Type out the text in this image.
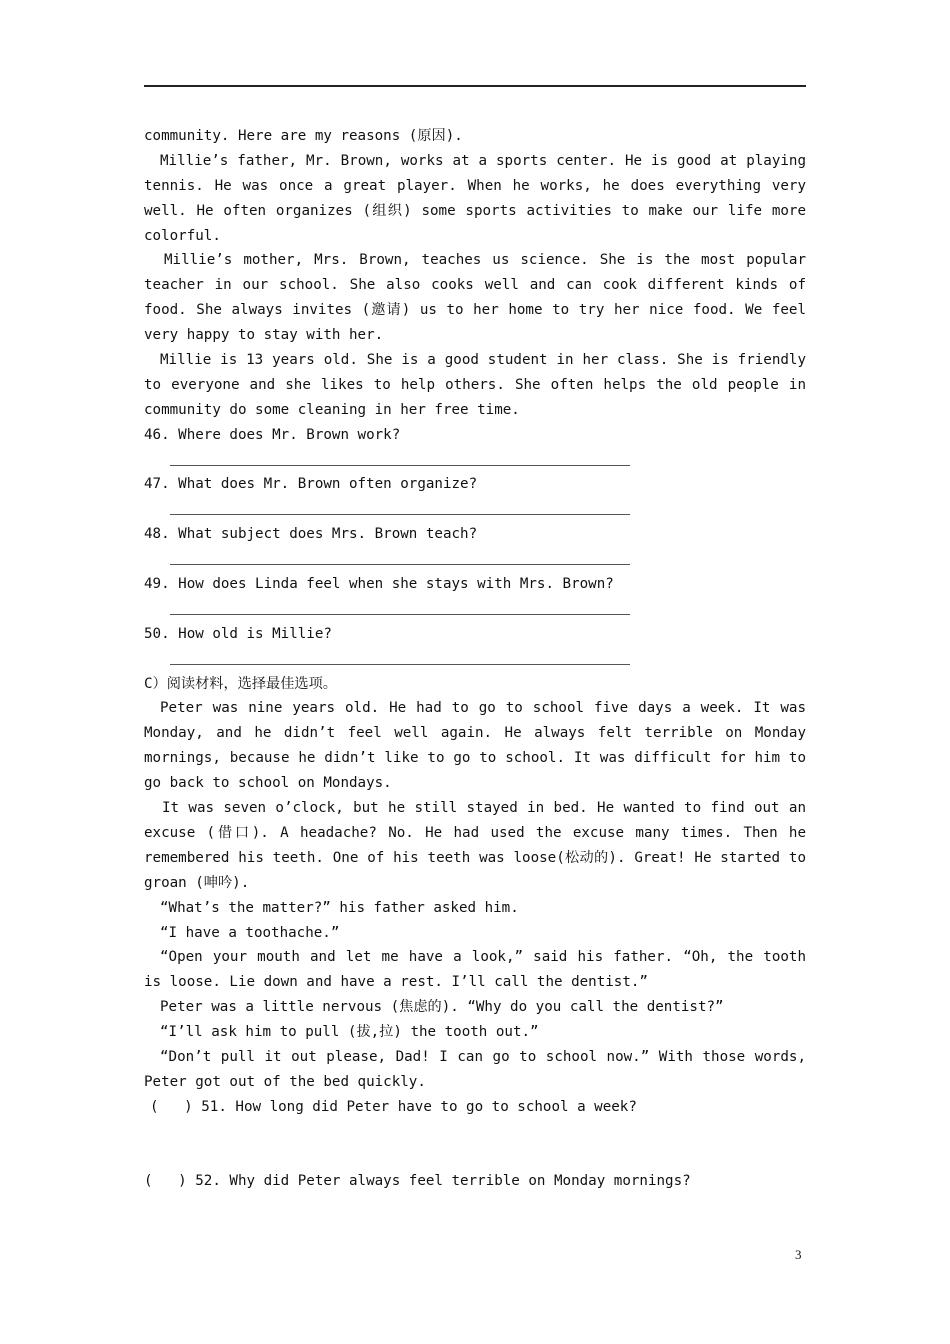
community. Here are my reasons (原因).
Millie’s father, Mr. Brown, works at a sports center. He is good at playing
tennis. He was once a great player. When he works, he does everything very
well. He often organizes (组织) some sports activities to make our life more
colorful.
Millie’s mother, Mrs. Brown, teaches us science. She is the most popular
teacher in our school. She also cooks well and can cook different kinds of
food. She always invites (邀请) us to her home to try her nice food. We feel
very happy to stay with her.
Millie is 13 years old. She is a good student in her class. She is friendly
to everyone and she likes to help others. She often helps the old people in
community do some cleaning in her free time.
46. Where does Mr. Brown work?
47. What does Mr. Brown often organize?
48. What subject does Mrs. Brown teach?
49. How does Linda feel when she stays with Mrs. Brown?
50. How old is Millie?
C）阅读材料，选择最佳选项。
Peter was nine years old. He had to go to school five days a week. It was
Monday, and he didn’t feel well again. He always felt terrible on Monday
mornings, because he didn’t like to go to school. It was difficult for him to
go back to school on Mondays.
It was seven o’clock, but he still stayed in bed. He wanted to find out an
excuse (借口). A headache? No. He had used the excuse many times. Then he
remembered his teeth. One of his teeth was loose(松动的). Great! He started to
groan (呻吟).
“What’s the matter?” his father asked him.
“I have a toothache.”
“Open your mouth and let me have a look,” said his father. “Oh, the tooth
is loose. Lie down and have a rest. I’ll call the dentist.”
Peter was a little nervous (焦虑的). “Why do you call the dentist?”
“I’ll ask him to pull (拔,拉) the tooth out.”
“Don’t pull it out please, Dad! I can go to school now.” With those words,
Peter got out of the bed quickly.
(   ) 51. How long did Peter have to go to school a week?

(   ) 52. Why did Peter always feel terrible on Monday mornings?

3
